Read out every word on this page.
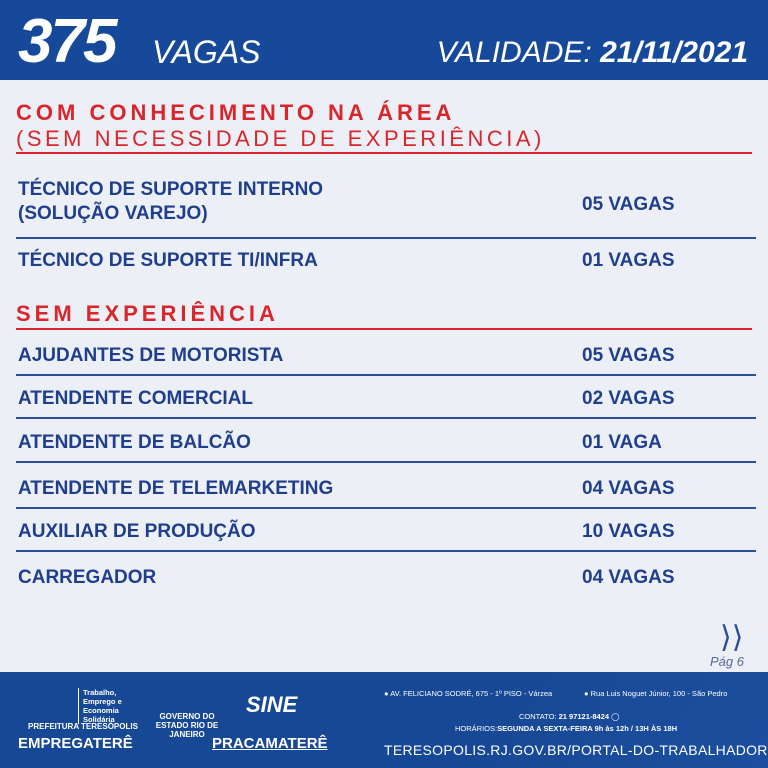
375 VAGAS	VALIDADE: 21/11/2021
COM CONHECIMENTO NA ÁREA
(SEM NECESSIDADE DE EXPERIÊNCIA)
TÉCNICO DE SUPORTE INTERNO
(SOLUÇÃO VAREJO)	05 VAGAS
TÉCNICO DE SUPORTE TI/INFRA	01 VAGAS
SEM EXPERIÊNCIA
AJUDANTES DE MOTORISTA	05 VAGAS
ATENDENTE COMERCIAL	02 VAGAS
ATENDENTE DE BALCÃO	01 VAGA
ATENDENTE DE TELEMARKETING	04 VAGAS
AUXILIAR DE PRODUÇÃO	10 VAGAS
CARREGADOR	04 VAGAS
⟩⟩
Pág 6
PREFEITURA TERESÓPOLIS
Trabalho, Emprego e Economia Solidária	GOVERNO DO ESTADO RIO DE JANEIRO
SINE
EMPREGATERÊ	PRACAMATERÊ
● AV. FELICIANO SODRÉ, 675 - 1º PISO - Várzea	● Rua Luis Noguet Júnior, 100 - São Pedro
CONTATO: 21 97121-8424 ◯
HORÁRIOS:SEGUNDA A SEXTA-FEIRA 9h às 12h / 13H ÀS 18H
TERESOPOLIS.RJ.GOV.BR/PORTAL-DO-TRABALHADOR
